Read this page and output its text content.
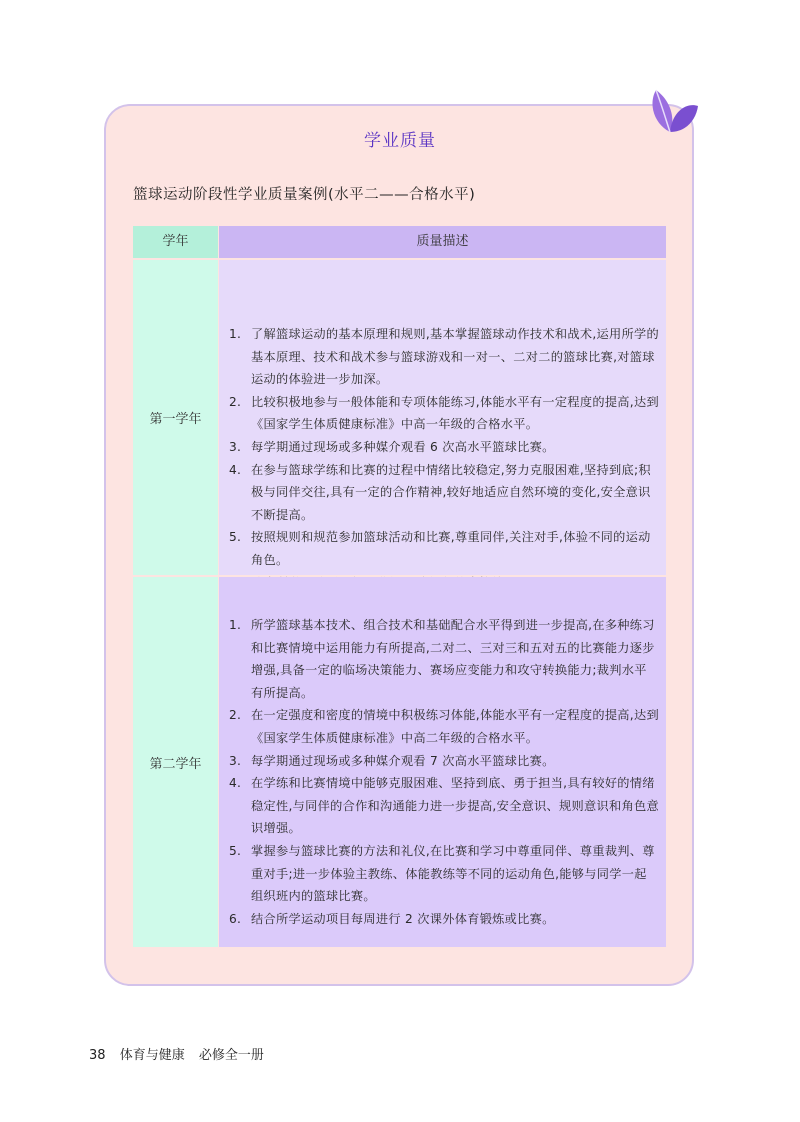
学业质量
篮球运动阶段性学业质量案例(水平二——合格水平)
学年	质量描述
第一学年
1. 了解篮球运动的基本原理和规则,基本掌握篮球动作技术和战术,运用所学的基本原理、技术和战术参与篮球游戏和一对一、二对二的篮球比赛,对篮球运动的体验进一步加深。
2. 比较积极地参与一般体能和专项体能练习,体能水平有一定程度的提高,达到《国家学生体质健康标准》中高一年级的合格水平。
3. 每学期通过现场或多种媒介观看 6 次高水平篮球比赛。
4. 在参与篮球学练和比赛的过程中情绪比较稳定,努力克服困难,坚持到底;积极与同伴交往,具有一定的合作精神,较好地适应自然环境的变化,安全意识不断提高。
5. 按照规则和规范参加篮球活动和比赛,尊重同伴,关注对手,体验不同的运动角色。
第二学年
1. 所学篮球基本技术、组合技术和基础配合水平得到进一步提高,在多种练习和比赛情境中运用能力有所提高,二对二、三对三和五对五的比赛能力逐步增强,具备一定的临场决策能力、赛场应变能力和攻守转换能力;裁判水平有所提高。
2. 在一定强度和密度的情境中积极练习体能,体能水平有一定程度的提高,达到《国家学生体质健康标准》中高二年级的合格水平。
3. 每学期通过现场或多种媒介观看 7 次高水平篮球比赛。
4. 在学练和比赛情境中能够克服困难、坚持到底、勇于担当,具有较好的情绪稳定性,与同伴的合作和沟通能力进一步提高,安全意识、规则意识和角色意识增强。
5. 掌握参与篮球比赛的方法和礼仪,在比赛和学习中尊重同伴、尊重裁判、尊重对手;进一步体验主教练、体能教练等不同的运动角色,能够与同学一起组织班内的篮球比赛。
6. 结合所学运动项目每周进行 2 次课外体育锻炼或比赛。
38 体育与健康 必修全一册
